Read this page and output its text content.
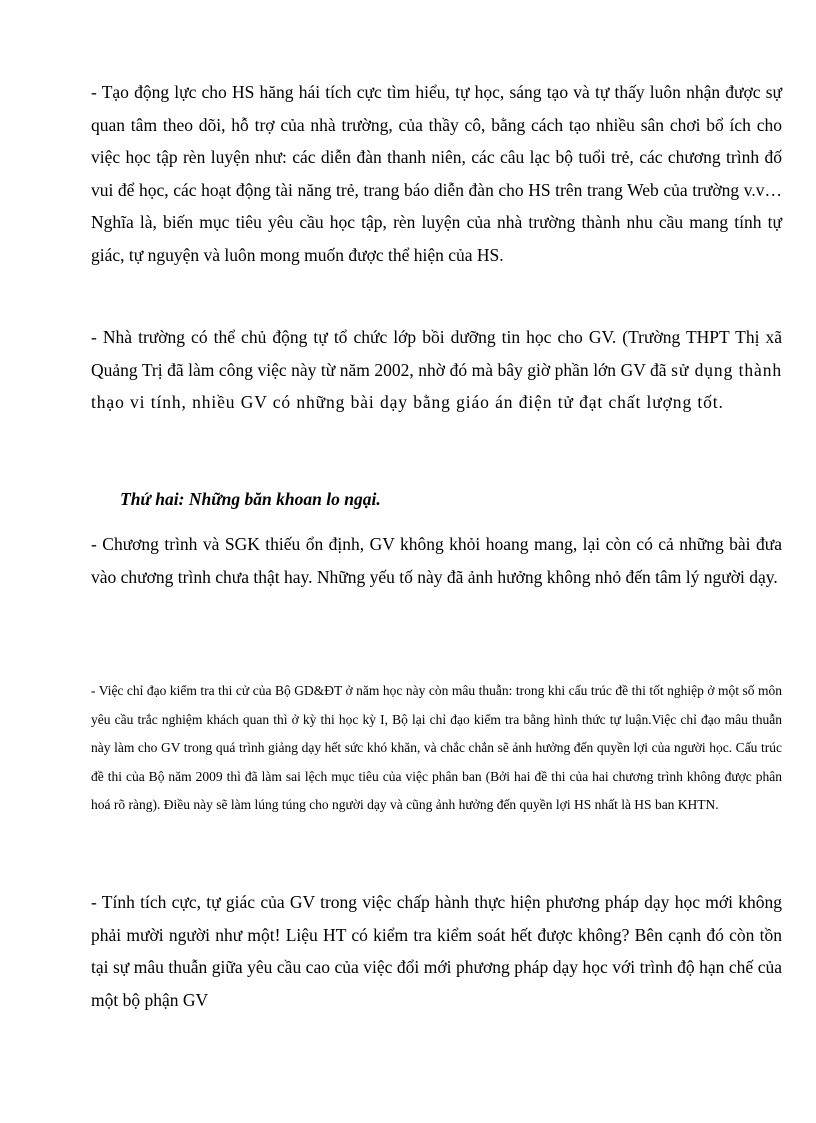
- Tạo động lực cho HS hăng hái tích cực tìm hiểu, tự học, sáng tạo và tự thấy luôn nhận được sự quan tâm theo dõi, hỗ trợ của nhà trường, của thầy cô, bằng cách tạo nhiều sân chơi bổ ích cho việc học tập rèn luyện như: các diễn đàn thanh niên, các câu lạc bộ tuổi trẻ, các chương trình đố vui để học, các hoạt động tài năng trẻ, trang báo diễn đàn cho HS trên trang Web của trường v.v… Nghĩa là, biến mục tiêu yêu cầu học tập, rèn luyện của nhà trường thành nhu cầu mang tính tự giác, tự nguyện và luôn mong muốn được thể hiện của HS.

- Nhà trường có thể chủ động tự tổ chức lớp bồi dưỡng tin học cho GV. (Trường THPT Thị xã Quảng Trị đã làm công việc này từ năm 2002, nhờ đó mà bây giờ phần lớn GV đã sử dụng thành thạo vi tính, nhiều GV có những bài dạy bằng giáo án điện tử đạt chất lượng tốt.

Thứ hai: Những băn khoan lo ngại.

- Chương trình và SGK thiếu ổn định, GV không khỏi hoang mang, lại còn có cả những bài đưa vào chương trình chưa thật hay. Những yếu tố này đã ảnh hưởng không nhỏ đến tâm lý người dạy.

- Việc chỉ đạo kiểm tra thi cử của Bộ GD&ĐT ở năm học này còn mâu thuẫn: trong khi cấu trúc đề thi tốt nghiệp ở một số môn yêu cầu trắc nghiệm khách quan thì ở kỳ thi học kỳ I, Bộ lại chỉ đạo kiểm tra bằng hình thức tự luận.Việc chỉ đạo mâu thuẫn này làm cho GV trong quá trình giảng dạy hết sức khó khăn, và chắc chắn sẽ ảnh hưởng đến quyền lợi của người học. Cấu trúc đề thi của Bộ năm 2009 thì đã làm sai lệch mục tiêu của việc phân ban (Bởi hai đề thi của hai chương trình không được phân hoá rõ ràng). Điều này sẽ làm lúng túng cho người dạy và cũng ảnh hưởng đến quyền lợi HS nhất là HS ban KHTN.

- Tính tích cực, tự giác của GV trong việc chấp hành thực hiện phương pháp dạy học mới không phải mười người như một! Liệu HT có kiểm tra kiểm soát hết được không? Bên cạnh đó còn tồn tại sự mâu thuẫn giữa yêu cầu cao của việc đổi mới phương pháp dạy học với trình độ hạn chế của một bộ phận GV
